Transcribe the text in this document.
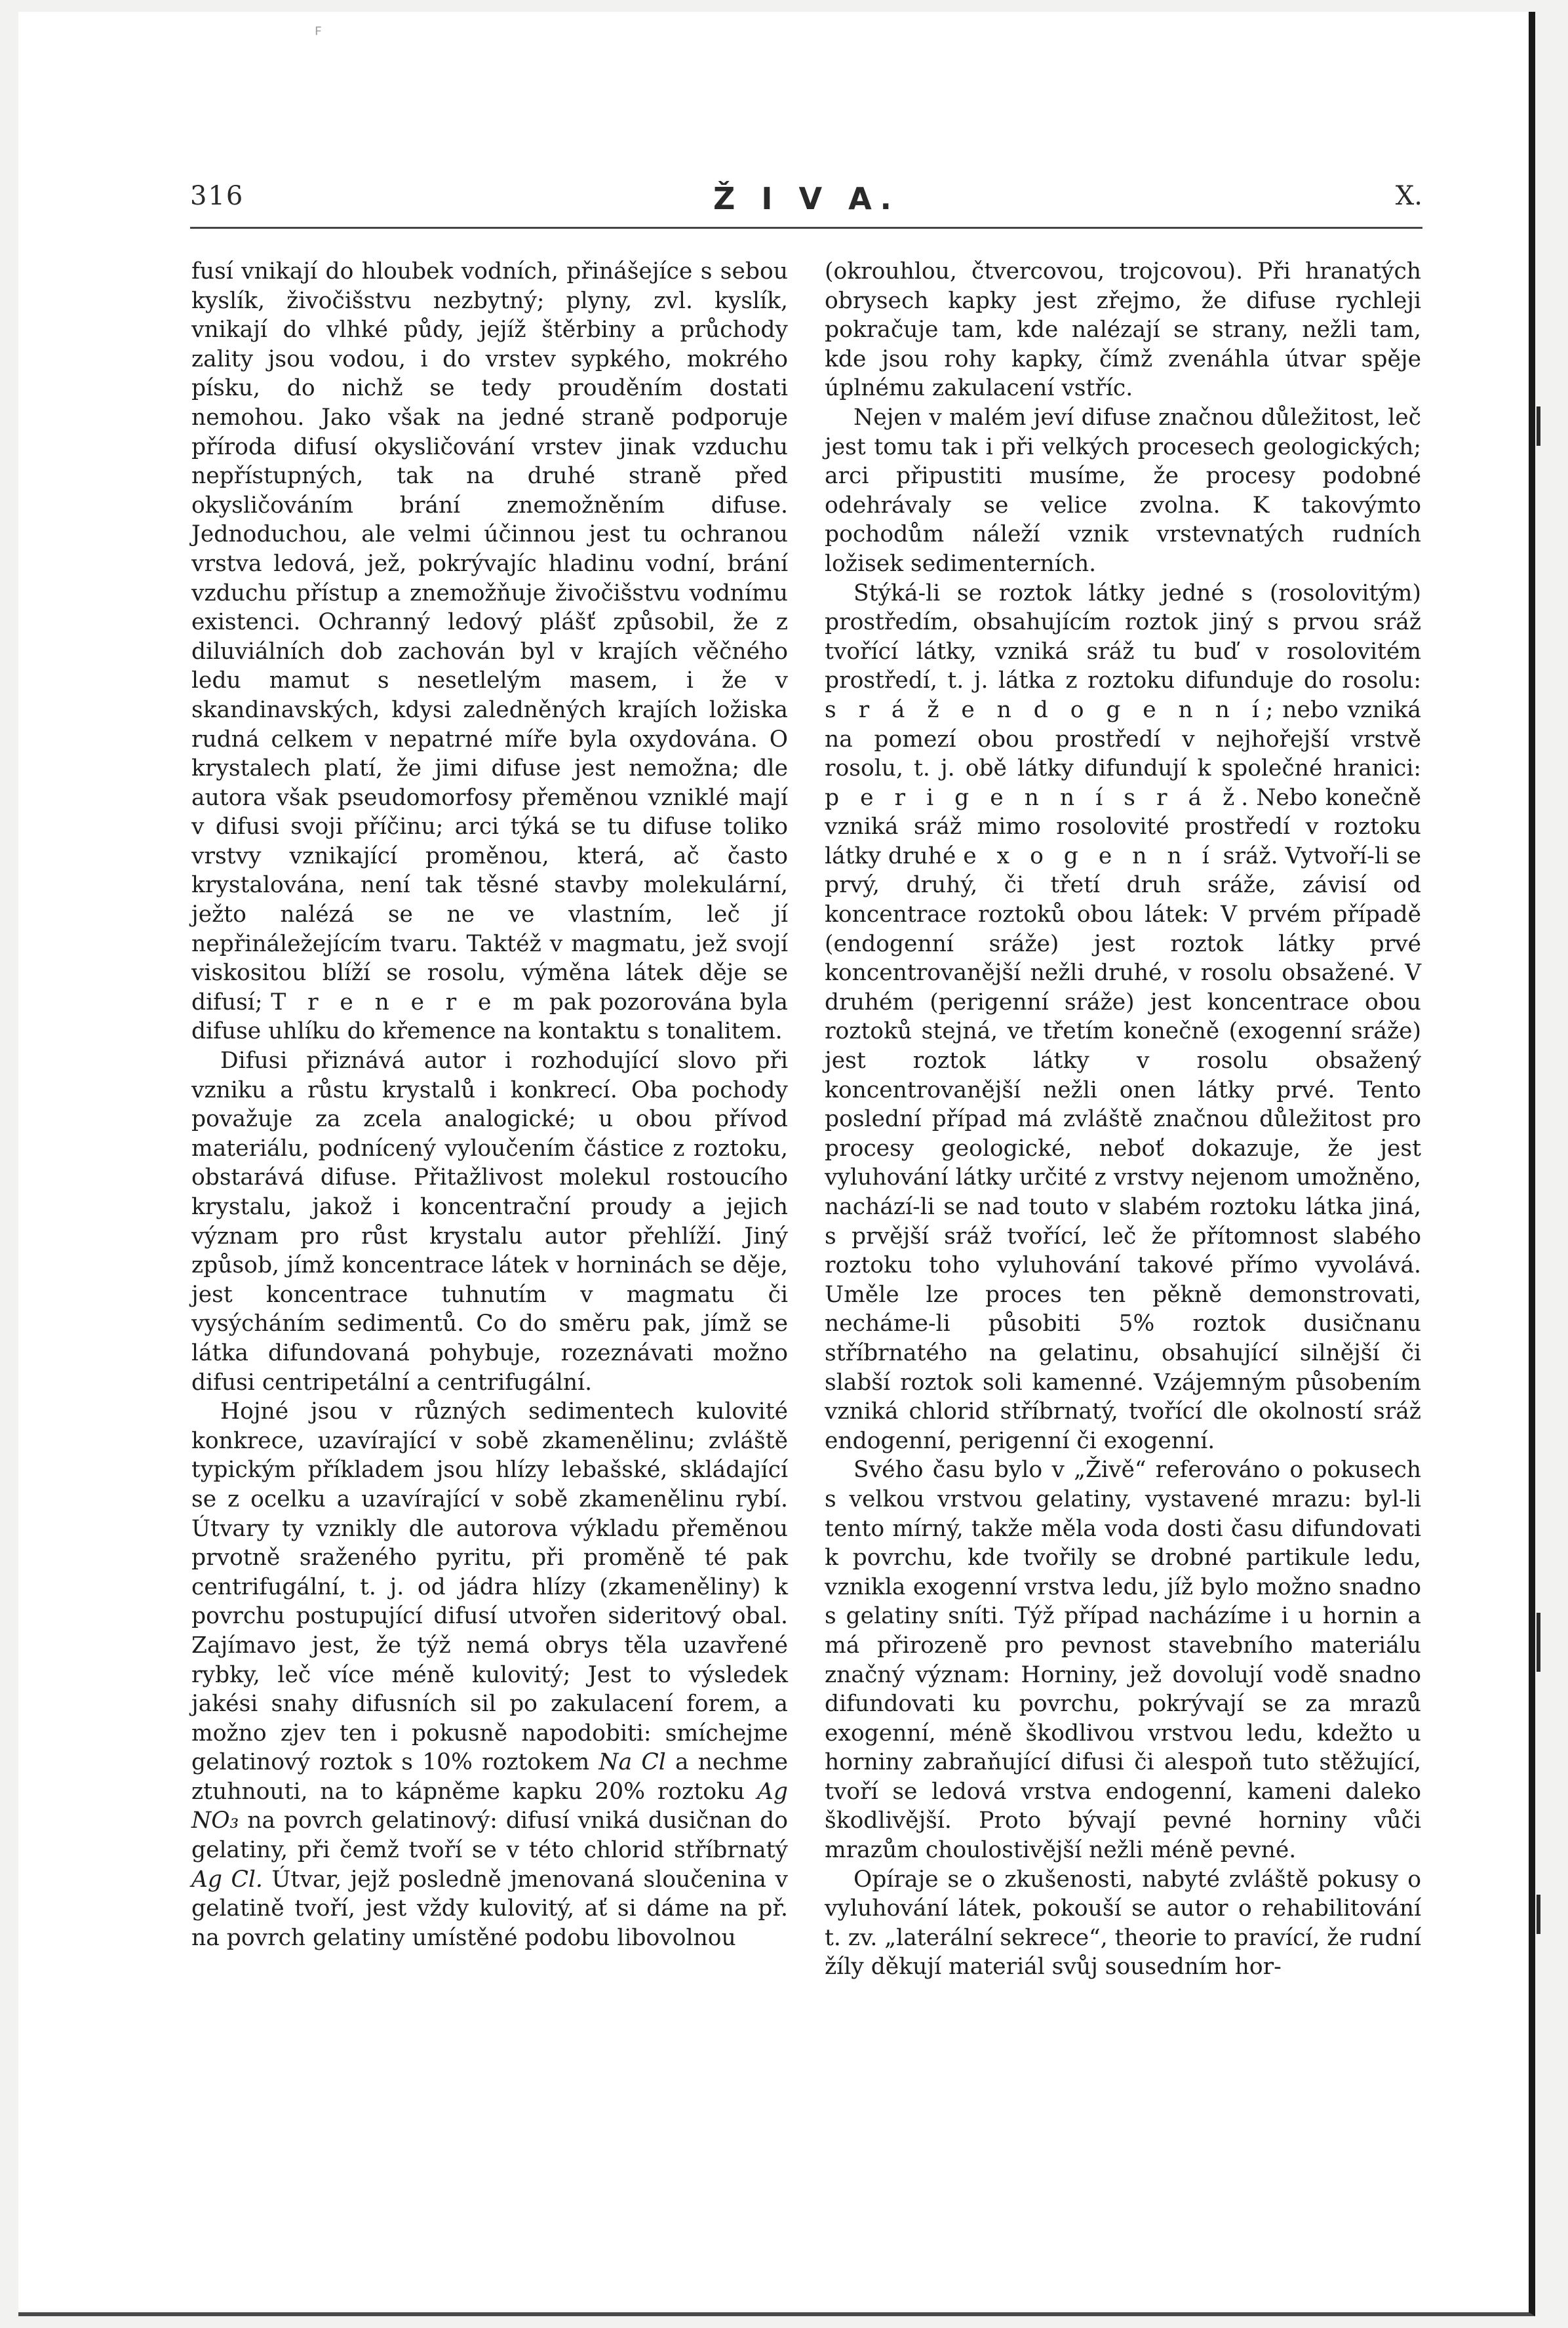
ꟳ
316	Ž I V A.	X.

fusí vnikají do hloubek vodních, přinášejíce s sebou kyslík, živočišstvu nezbytný; plyny, zvl. kyslík, vnikají do vlhké půdy, jejíž štěrbiny a průchody zality jsou vodou, i do vrstev sypkého, mokrého písku, do nichž se tedy prouděním dostati nemohou. Jako však na jedné straně podporuje příroda difusí okysličování vrstev jinak vzduchu nepřístupných, tak na druhé straně před okysličováním brání znemožněním difuse. Jednoduchou, ale velmi účinnou jest tu ochranou vrstva ledová, jež, pokrývajíc hladinu vodní, brání vzduchu přístup a znemožňuje živočišstvu vodnímu existenci. Ochranný ledový plášť způsobil, že z diluviálních dob zachován byl v krajích věčného ledu mamut s nesetlelým masem, i že v skandinavských, kdysi zaledněných krajích ložiska rudná celkem v nepatrné míře byla oxydována. O krystalech platí, že jimi difuse jest nemožna; dle autora však pseudomorfosy přeměnou vzniklé mají v difusi svoji příčinu; arci týká se tu difuse toliko vrstvy vznikající proměnou, která, ač často krystalována, není tak těsné stavby molekulární, ježto nalézá se ne ve vlastním, leč jí nepřináležejícím tvaru. Taktéž v magmatu, jež svojí viskositou blíží se rosolu, výměna látek děje se difusí; T r e n e r e m pak pozorována byla difuse uhlíku do křemence na kontaktu s tonalitem.

Difusi přiznává autor i rozhodující slovo při vzniku a růstu krystalů i konkrecí. Oba pochody považuje za zcela analogické; u obou přívod materiálu, podnícený vyloučením částice z roztoku, obstarává difuse. Přitažlivost molekul rostoucího krystalu, jakož i koncentrační proudy a jejich význam pro růst krystalu autor přehlíží. Jiný způsob, jímž koncentrace látek v horninách se děje, jest koncentrace tuhnutím v magmatu či vysýcháním sedimentů. Co do směru pak, jímž se látka difundovaná pohybuje, rozeznávati možno difusi centripetální a centrifugální.

Hojné jsou v různých sedimentech kulovité konkrece, uzavírající v sobě zkamenělinu; zvláště typickým příkladem jsou hlízy lebašské, skládající se z ocelku a uzavírající v sobě zkamenělinu rybí. Útvary ty vznikly dle autorova výkladu přeměnou prvotně sraženého pyritu, při proměně té pak centrifugální, t. j. od jádra hlízy (zkameněliny) k povrchu postupující difusí utvořen sideritový obal. Zajímavo jest, že týž nemá obrys těla uzavřené rybky, leč více méně kulovitý; Jest to výsledek jakési snahy difusních sil po zakulacení forem, a možno zjev ten i pokusně napodobiti: smíchejme gelatinový roztok s 10% roztokem Na Cl a nechme ztuhnouti, na to kápněme kapku 20% roztoku Ag NO₃ na povrch gelatinový: difusí vniká dusičnan do gelatiny, při čemž tvoří se v této chlorid stříbrnatý Ag Cl. Útvar, jejž posledně jmenovaná sloučenina v gelatině tvoří, jest vždy kulovitý, ať si dáme na př. na povrch gelatiny umístěné podobu libovolnou

(okrouhlou, čtvercovou, trojcovou). Při hranatých obrysech kapky jest zřejmo, že difuse rychleji pokračuje tam, kde nalézají se strany, nežli tam, kde jsou rohy kapky, čímž zvenáhla útvar spěje úplnému zakulacení vstříc.

Nejen v malém jeví difuse značnou důležitost, leč jest tomu tak i při velkých procesech geologických; arci připustiti musíme, že procesy podobné odehrávaly se velice zvolna. K takovýmto pochodům náleží vznik vrstevnatých rudních ložisek sedimenterních.

Stýká-li se roztok látky jedné s (rosolovitým) prostředím, obsahujícím roztok jiný s prvou sráž tvořící látky, vzniká sráž tu buď v rosolovitém prostředí, t. j. látka z roztoku difunduje do rosolu: s r á ž e n d o g e n n í; nebo vzniká na pomezí obou prostředí v nejhořejší vrstvě rosolu, t. j. obě látky difundují k společné hranici: p e r i g e n n í s r á ž. Nebo konečně vzniká sráž mimo rosolovité prostředí v roztoku látky druhé e x o g e n n í sráž. Vytvoří-li se prvý, druhý, či třetí druh sráže, závisí od koncentrace roztoků obou látek: V prvém případě (endogenní sráže) jest roztok látky prvé koncentrovanější nežli druhé, v rosolu obsažené. V druhém (perigenní sráže) jest koncentrace obou roztoků stejná, ve třetím konečně (exogenní sráže) jest roztok látky v rosolu obsažený koncentrovanější nežli onen látky prvé. Tento poslední případ má zvláště značnou důležitost pro procesy geologické, neboť dokazuje, že jest vyluhování látky určité z vrstvy nejenom umožněno, nachází-li se nad touto v slabém roztoku látka jiná, s prvější sráž tvořící, leč že přítomnost slabého roztoku toho vyluhování takové přímo vyvolává. Uměle lze proces ten pěkně demonstrovati, necháme-li působiti 5% roztok dusičnanu stříbrnatého na gelatinu, obsahující silnější či slabší roztok soli kamenné. Vzájemným působením vzniká chlorid stříbrnatý, tvořící dle okolností sráž endogenní, perigenní či exogenní.

Svého času bylo v „Živě“ referováno o pokusech s velkou vrstvou gelatiny, vystavené mrazu: byl-li tento mírný, takže měla voda dosti času difundovati k povrchu, kde tvořily se drobné partikule ledu, vznikla exogenní vrstva ledu, jíž bylo možno snadno s gelatiny sníti. Týž případ nacházíme i u hornin a má přirozeně pro pevnost stavebního materiálu značný význam: Horniny, jež dovolují vodě snadno difundovati ku povrchu, pokrývají se za mrazů exogenní, méně škodlivou vrstvou ledu, kdežto u horniny zabraňující difusi či alespoň tuto stěžující, tvoří se ledová vrstva endogenní, kameni daleko škodlivější. Proto bývají pevné horniny vůči mrazům choulostivější nežli méně pevné.

Opíraje se o zkušenosti, nabyté zvláště pokusy o vyluhování látek, pokouší se autor o rehabilitování t. zv. „laterální sekrece“, theorie to pravící, že rudní žíly děkují materiál svůj sousedním hor-
